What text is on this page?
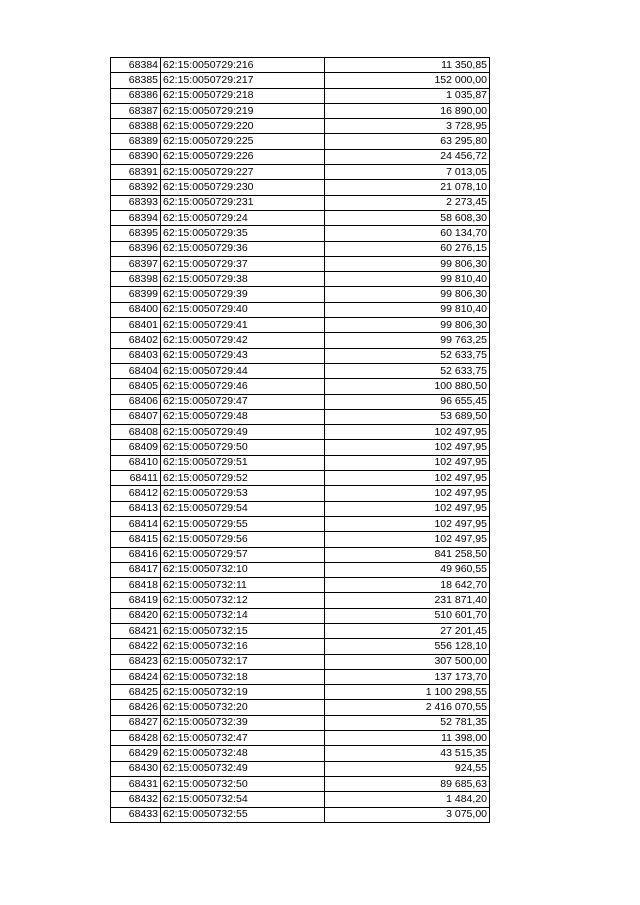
68384	62:15:0050729:216	11 350,85
68385	62:15:0050729:217	152 000,00
68386	62:15:0050729:218	1 035,87
68387	62:15:0050729:219	16 890,00
68388	62:15:0050729:220	3 728,95
68389	62:15:0050729:225	63 295,80
68390	62:15:0050729:226	24 456,72
68391	62:15:0050729:227	7 013,05
68392	62:15:0050729:230	21 078,10
68393	62:15:0050729:231	2 273,45
68394	62:15:0050729:24	58 608,30
68395	62:15:0050729:35	60 134,70
68396	62:15:0050729:36	60 276,15
68397	62:15:0050729:37	99 806,30
68398	62:15:0050729:38	99 810,40
68399	62:15:0050729:39	99 806,30
68400	62:15:0050729:40	99 810,40
68401	62:15:0050729:41	99 806,30
68402	62:15:0050729:42	99 763,25
68403	62:15:0050729:43	52 633,75
68404	62:15:0050729:44	52 633,75
68405	62:15:0050729:46	100 880,50
68406	62:15:0050729:47	96 655,45
68407	62:15:0050729:48	53 689,50
68408	62:15:0050729:49	102 497,95
68409	62:15:0050729:50	102 497,95
68410	62:15:0050729:51	102 497,95
68411	62:15:0050729:52	102 497,95
68412	62:15:0050729:53	102 497,95
68413	62:15:0050729:54	102 497,95
68414	62:15:0050729:55	102 497,95
68415	62:15:0050729:56	102 497,95
68416	62:15:0050729:57	841 258,50
68417	62:15:0050732:10	49 960,55
68418	62:15:0050732:11	18 642,70
68419	62:15:0050732:12	231 871,40
68420	62:15:0050732:14	510 601,70
68421	62:15:0050732:15	27 201,45
68422	62:15:0050732:16	556 128,10
68423	62:15:0050732:17	307 500,00
68424	62:15:0050732:18	137 173,70
68425	62:15:0050732:19	1 100 298,55
68426	62:15:0050732:20	2 416 070,55
68427	62:15:0050732:39	52 781,35
68428	62:15:0050732:47	11 398,00
68429	62:15:0050732:48	43 515,35
68430	62:15:0050732:49	924,55
68431	62:15:0050732:50	89 685,63
68432	62:15:0050732:54	1 484,20
68433	62:15:0050732:55	3 075,00
